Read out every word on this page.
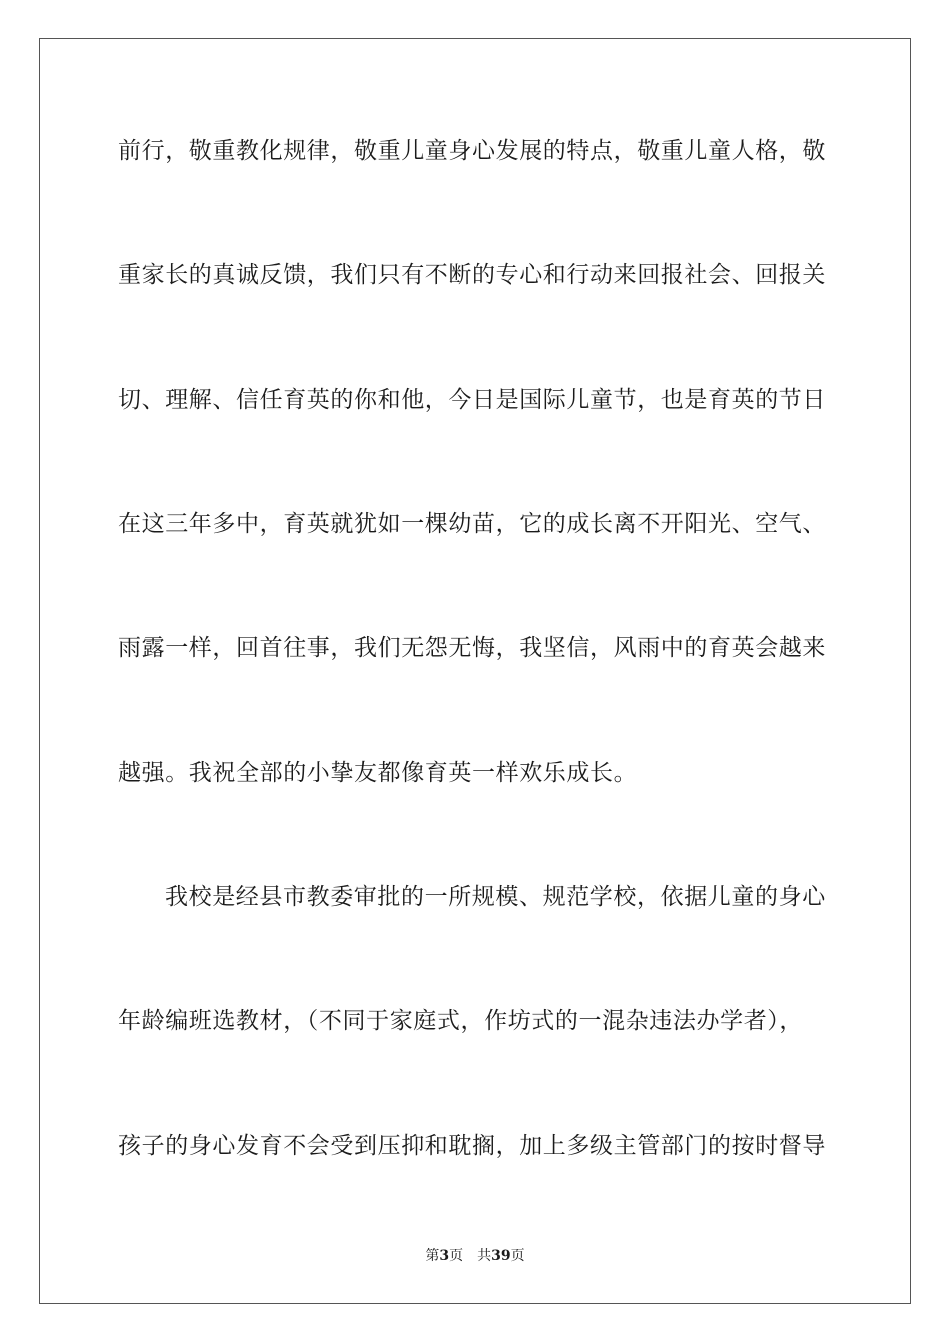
前行，敬重教化规律，敬重儿童身心发展的特点，敬重儿童人格，敬
重家长的真诚反馈，我们只有不断的专心和行动来回报社会、回报关
切、理解、信任育英的你和他，今日是国际儿童节，也是育英的节日
在这三年多中，育英就犹如一棵幼苗，它的成长离不开阳光、空气、
雨露一样，回首往事，我们无怨无悔，我坚信，风雨中的育英会越来
越强。我祝全部的小挚友都像育英一样欢乐成长。
我校是经县市教委审批的一所规模、规范学校，依据儿童的身心
年龄编班选教材，（不同于家庭式，作坊式的一混杂违法办学者），
孩子的身心发育不会受到压抑和耽搁，加上多级主管部门的按时督导
第3页 共39页
